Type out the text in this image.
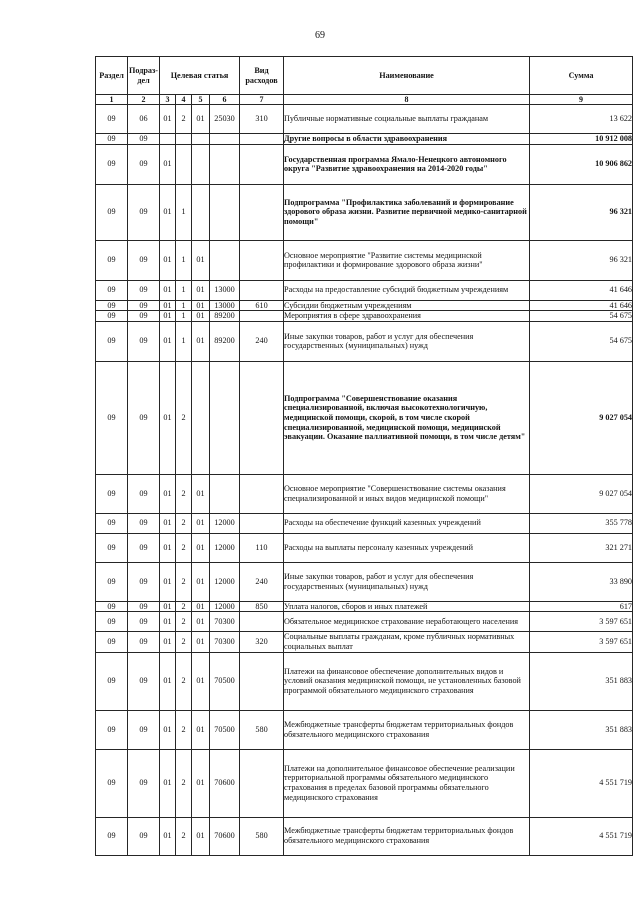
69
Раздел	Подраз-
дел	Целевая статья				Вид
расходов	Наименование	Сумма
1	2	3	4	5	6	7	8	9
09	06	01	2	01	25030	310	Публичные нормативные социальные выплаты гражданам	13 622
09	09						Другие вопросы в области здравоохранения	10 912 008
09	09	01					Государственная программа Ямало-Ненецкого автономного округа "Развитие здравоохранения на 2014-2020 годы"	10 906 862
09	09	01	1				Подпрограмма "Профилактика заболеваний и формирование здорового образа жизни. Развитие первичной медико-санитарной помощи"	96 321
09	09	01	1	01			Основное мероприятие "Развитие системы медицинской профилактики и формирование здорового образа жизни"	96 321
09	09	01	1	01	13000		Расходы на предоставление субсидий бюджетным учреждениям	41 646
09	09	01	1	01	13000	610	Субсидии бюджетным учреждениям	41 646
09	09	01	1	01	89200		Мероприятия в сфере здравоохранения	54 675
09	09	01	1	01	89200	240	Иные закупки товаров, работ и услуг для обеспечения государственных (муниципальных) нужд	54 675
09	09	01	2				Подпрограмма "Совершенствование оказания специализированной, включая высокотехнологичную, медицинской помощи, скорой, в том числе скорой специализированной, медицинской помощи, медицинской эвакуации. Оказание паллиативной помощи, в том числе детям"	9 027 054
09	09	01	2	01			Основное мероприятие "Совершенствование системы оказания специализированной и иных видов медицинской помощи"	9 027 054
09	09	01	2	01	12000		Расходы на обеспечение функций казенных учреждений	355 778
09	09	01	2	01	12000	110	Расходы на выплаты персоналу казенных учреждений	321 271
09	09	01	2	01	12000	240	Иные закупки товаров, работ и услуг для обеспечения государственных (муниципальных) нужд	33 890
09	09	01	2	01	12000	850	Уплата налогов, сборов и иных платежей	617
09	09	01	2	01	70300		Обязательное медицинское страхование неработающего населения	3 597 651
09	09	01	2	01	70300	320	Социальные выплаты гражданам, кроме публичных нормативных социальных выплат	3 597 651
09	09	01	2	01	70500		Платежи на финансовое обеспечение дополнительных видов и условий оказания медицинской помощи, не установленных базовой программой обязательного медицинского страхования	351 883
09	09	01	2	01	70500	580	Межбюджетные трансферты бюджетам территориальных фондов обязательного медицинского страхования	351 883
09	09	01	2	01	70600		Платежи на дополнительное финансовое обеспечение реализации территориальной программы обязательного медицинского страхования в пределах базовой программы обязательного медицинского страхования	4 551 719
09	09	01	2	01	70600	580	Межбюджетные трансферты бюджетам территориальных фондов обязательного медицинского страхования	4 551 719
